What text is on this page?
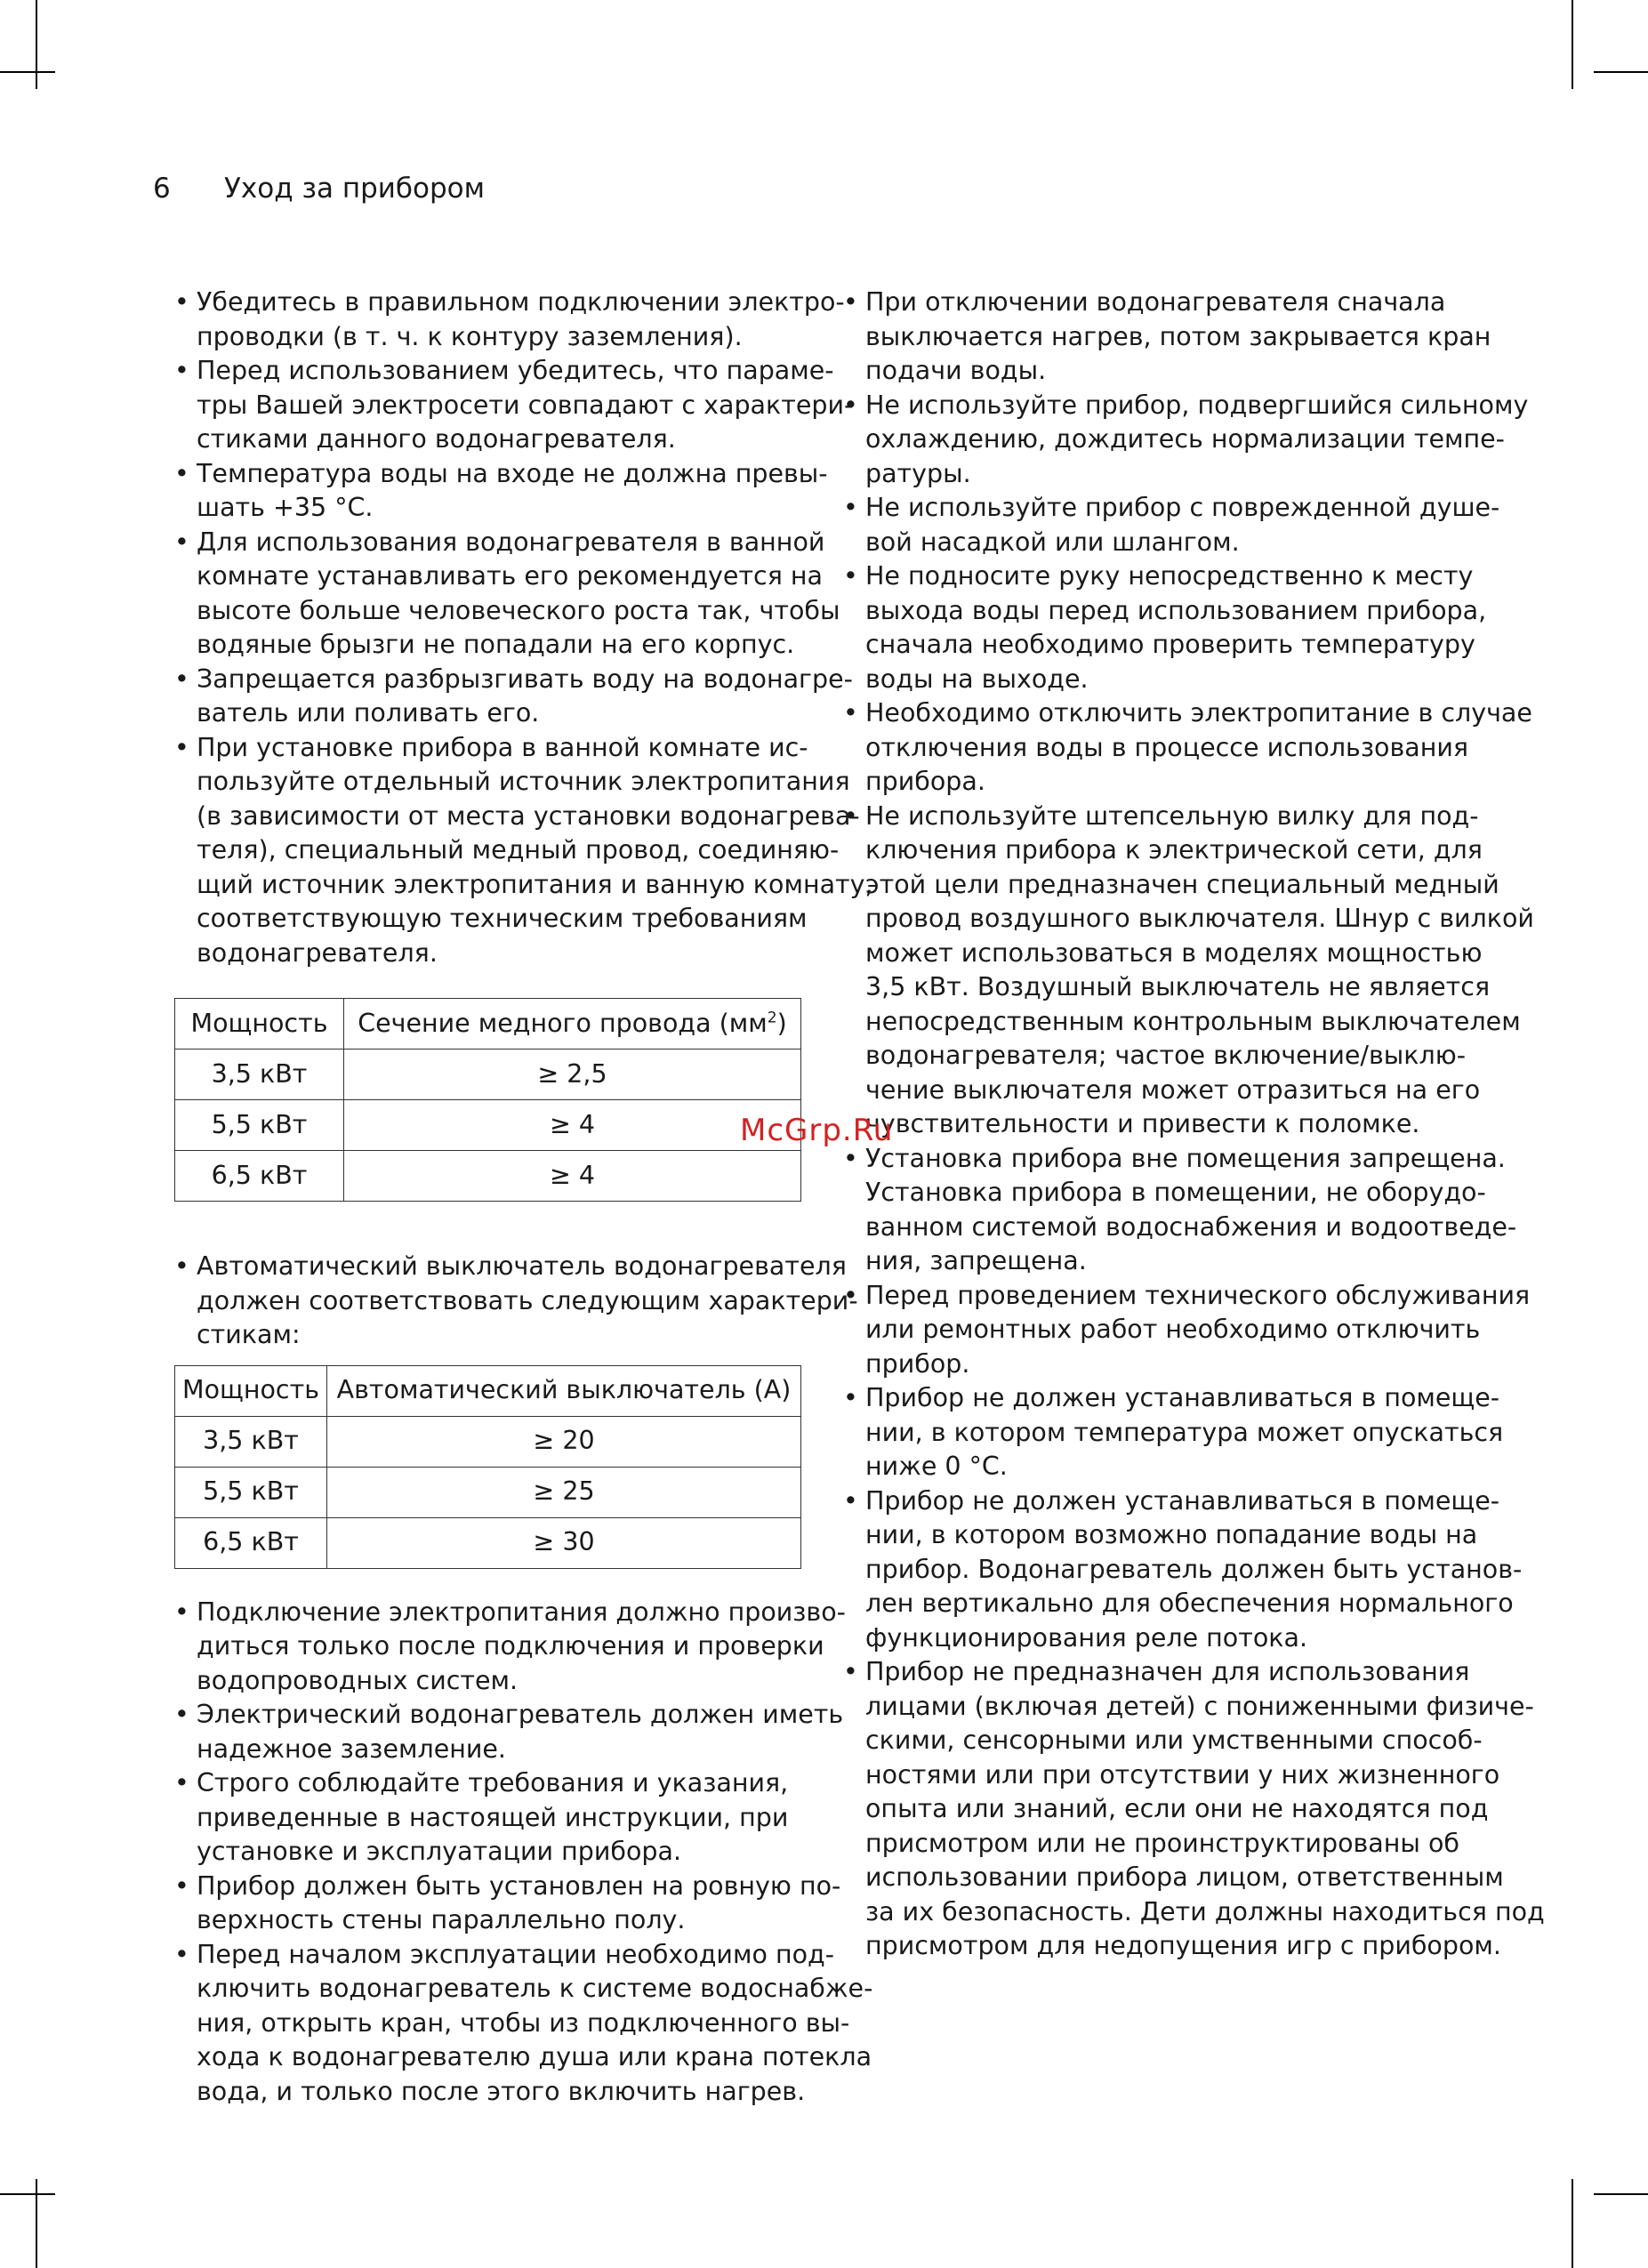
6 Уход за прибором
• Убедитесь в правильном подключении электро-
проводки (в т. ч. к контуру заземления).
• Перед использованием убедитесь, что параме-
тры Вашей электросети совпадают с характери-
стиками данного водонагревателя.
• Температура воды на входе не должна превы-
шать +35 °С.
• Для использования водонагревателя в ванной
комнате устанавливать его рекомендуется на
высоте больше человеческого роста так, чтобы
водяные брызги не попадали на его корпус.
• Запрещается разбрызгивать воду на водонагре-
ватель или поливать его.
• При установке прибора в ванной комнате ис-
пользуйте отдельный источник электропитания
(в зависимости от места установки водонагрева-
теля), специальный медный провод, соединяю-
щий источник электропитания и ванную комнату,
соответствующую техническим требованиям
водонагревателя.
Мощность	Сечение медного провода $(мм^2)$
3,5 кВт	≥ 2,5
5,5 кВт	≥ 4
6,5 кВт	≥ 4
• Автоматический выключатель водонагревателя
должен соответствовать следующим характери-
стикам:
Мощность	Автоматический выключатель (А)
3,5 кВт	≥ 20
5,5 кВт	≥ 25
6,5 кВт	≥ 30
• Подключение электропитания должно произво-
диться только после подключения и проверки
водопроводных систем.
• Электрический водонагреватель должен иметь
надежное заземление.
• Строго соблюдайте требования и указания,
приведенные в настоящей инструкции, при
установке и эксплуатации прибора.
• Прибор должен быть установлен на ровную по-
верхность стены параллельно полу.
• Перед началом эксплуатации необходимо под-
ключить водонагреватель к системе водоснабже-
ния, открыть кран, чтобы из подключенного вы-
хода к водонагревателю душа или крана потекла
вода, и только после этого включить нагрев.
• При отключении водонагревателя сначала
выключается нагрев, потом закрывается кран
подачи воды.
• Не используйте прибор, подвергшийся сильному
охлаждению, дождитесь нормализации темпе-
ратуры.
• Не используйте прибор с поврежденной душе-
вой насадкой или шлангом.
• Не подносите руку непосредственно к месту
выхода воды перед использованием прибора,
сначала необходимо проверить температуру
воды на выходе.
• Необходимо отключить электропитание в случае
отключения воды в процессе использования
прибора.
• Не используйте штепсельную вилку для под-
ключения прибора к электрической сети, для
этой цели предназначен специальный медный
провод воздушного выключателя. Шнур с вилкой
может использоваться в моделях мощностью
3,5 кВт. Воздушный выключатель не является
непосредственным контрольным выключателем
водонагревателя; частое включение/выклю-
чение выключателя может отразиться на его
чувствительности и привести к поломке.
• Установка прибора вне помещения запрещена.
Установка прибора в помещении, не оборудо-
ванном системой водоснабжения и водоотведе-
ния, запрещена.
• Перед проведением технического обслуживания
или ремонтных работ необходимо отключить
прибор.
• Прибор не должен устанавливаться в помеще-
нии, в котором температура может опускаться
ниже 0 °С.
• Прибор не должен устанавливаться в помеще-
нии, в котором возможно попадание воды на
прибор. Водонагреватель должен быть установ-
лен вертикально для обеспечения нормального
функционирования реле потока.
• Прибор не предназначен для использования
лицами (включая детей) с пониженными физиче-
скими, сенсорными или умственными способ-
ностями или при отсутствии у них жизненного
опыта или знаний, если они не находятся под
присмотром или не проинструктированы об
использовании прибора лицом, ответственным
за их безопасность. Дети должны находиться под
присмотром для недопущения игр с прибором.
McGrp.Ru
